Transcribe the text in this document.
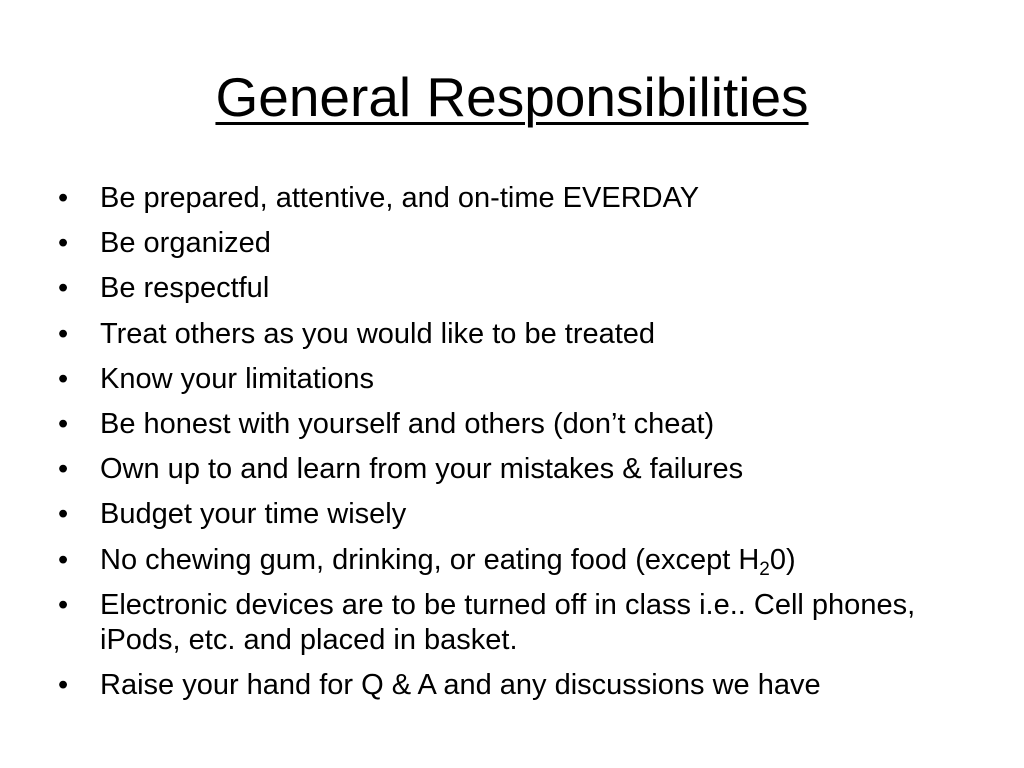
General Responsibilities
•	Be prepared, attentive, and on-time EVERDAY
•	Be organized
•	Be respectful
•	Treat others as you would like to be treated
•	Know your limitations
•	Be honest with yourself and others (don’t cheat)
•	Own up to and learn from your mistakes & failures
•	Budget your time wisely
•	No chewing gum, drinking, or eating food (except $H_20$)
•	Electronic devices are to be turned off in class i.e.. Cell phones, iPods, etc. and placed in basket.
•	Raise your hand for Q & A and any discussions we have
